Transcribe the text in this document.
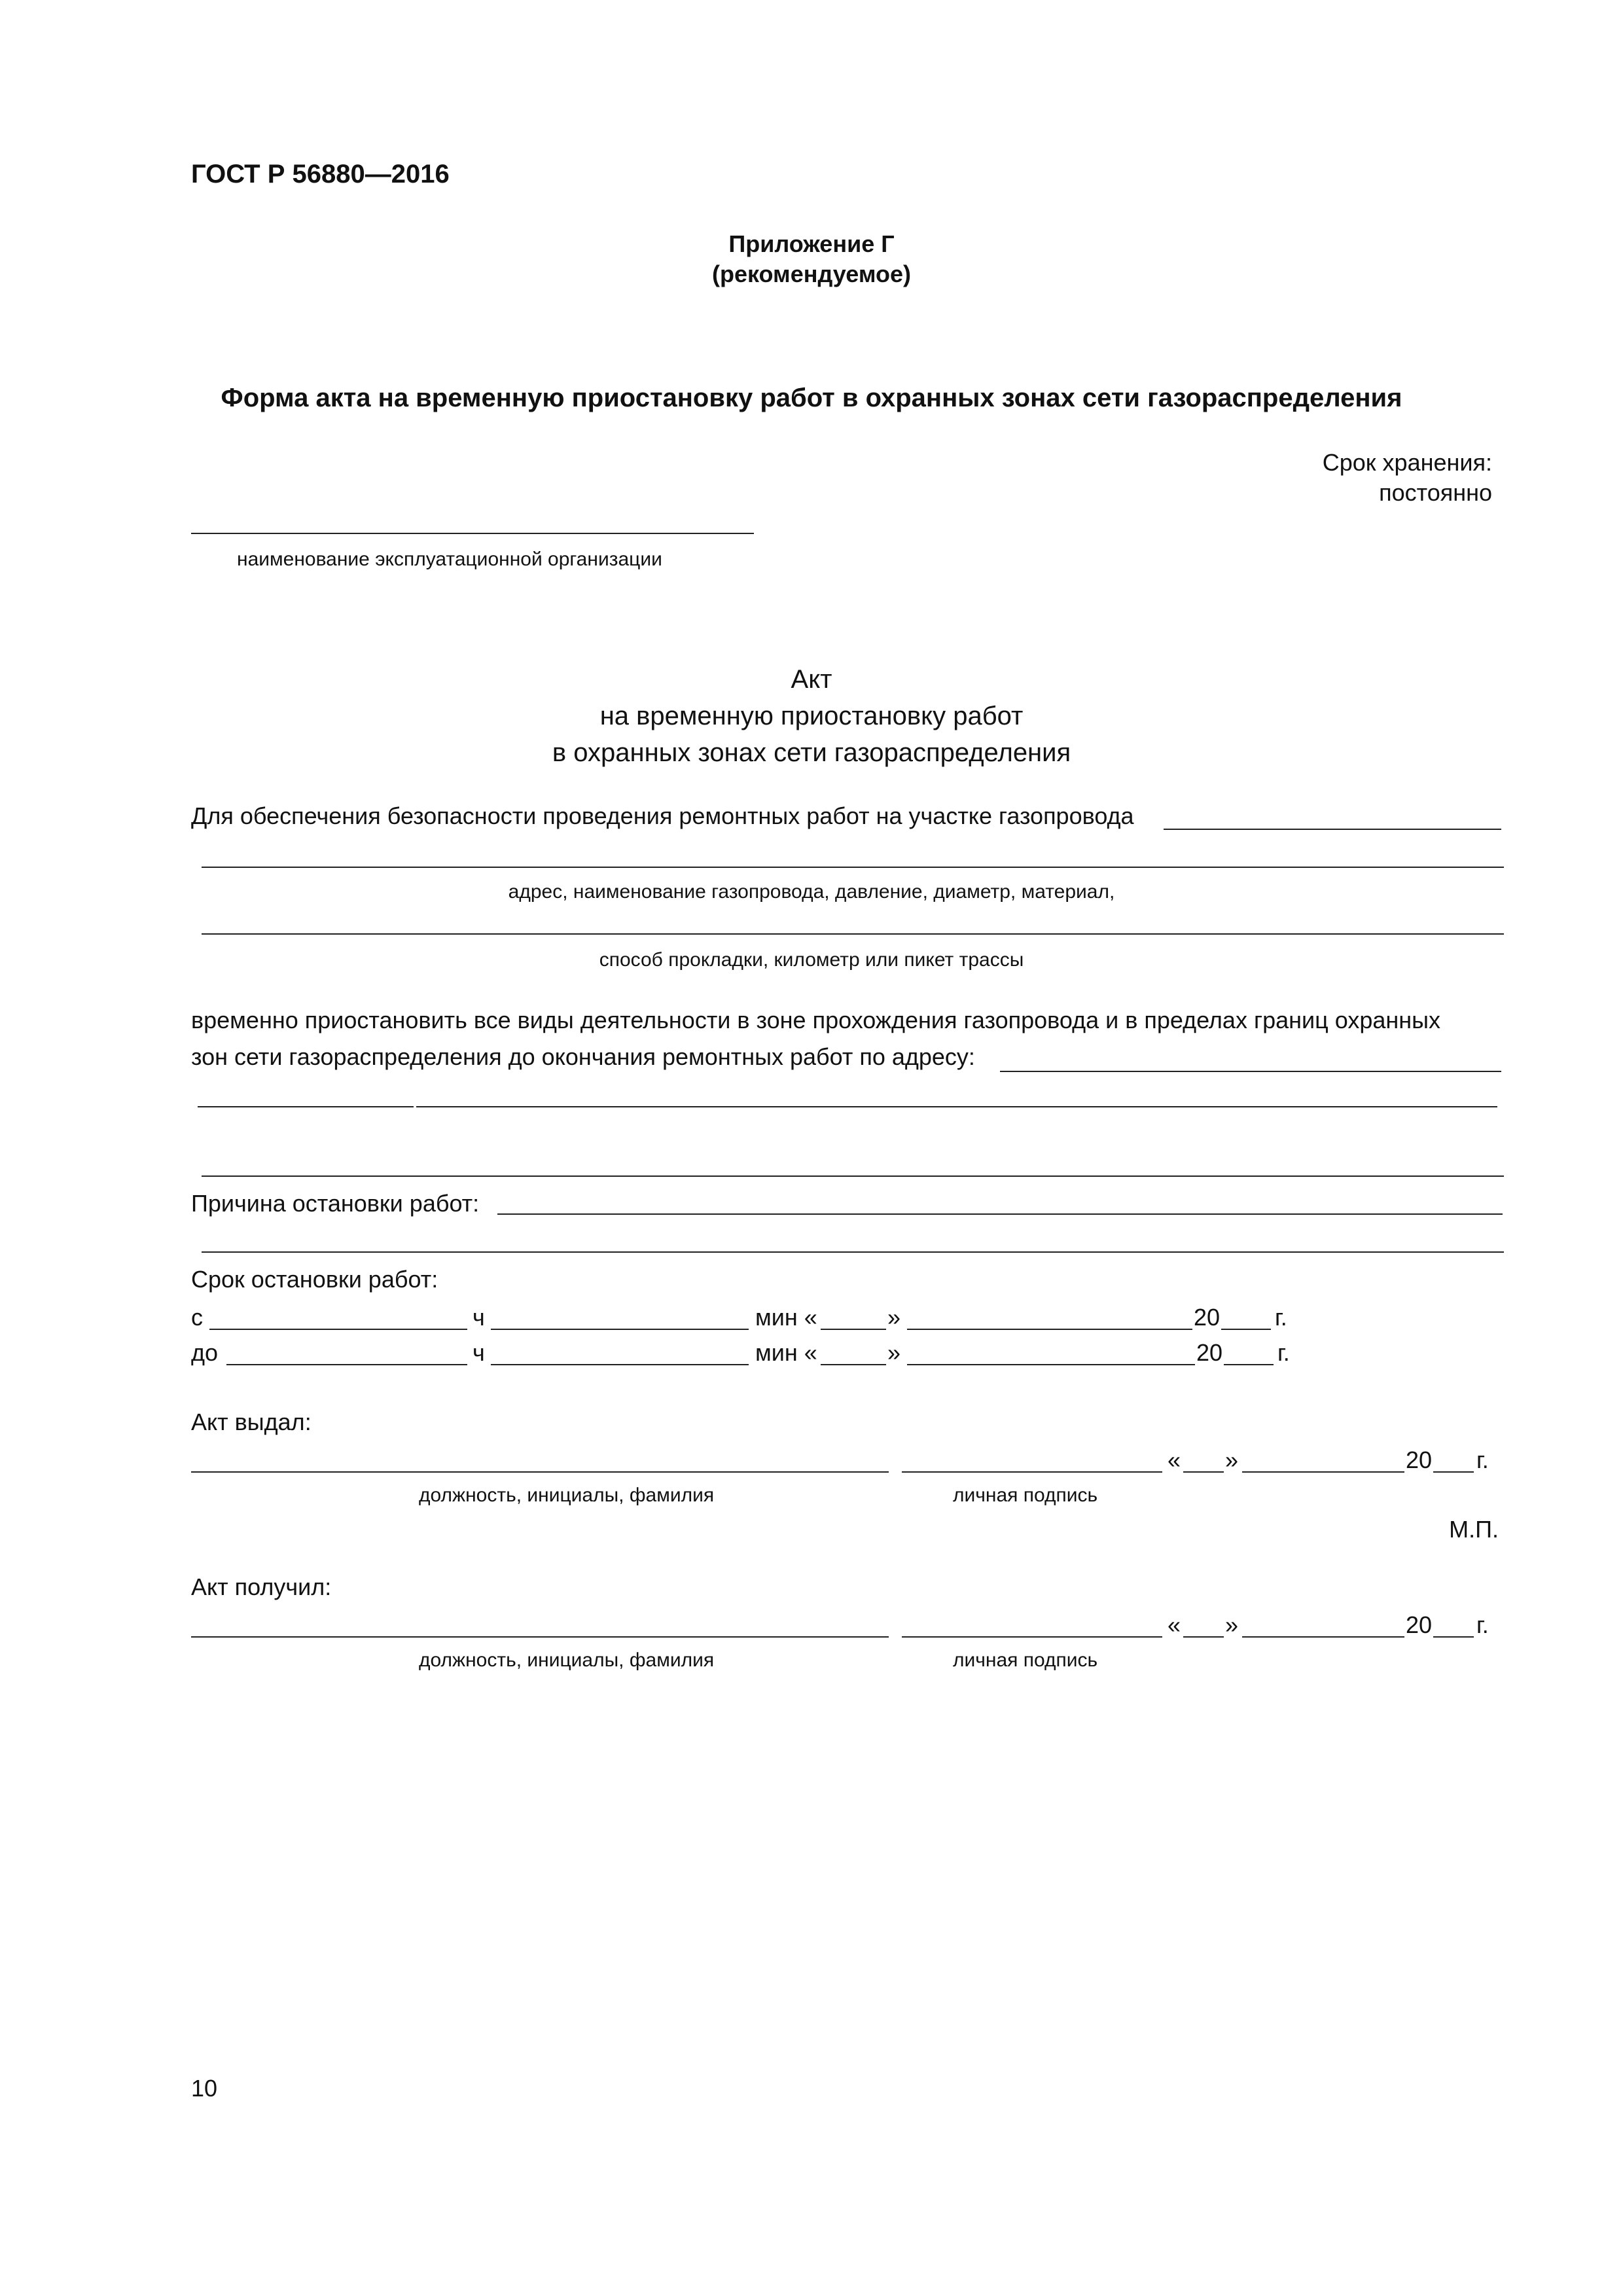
ГОСТ Р 56880—2016
Приложение Г
(рекомендуемое)
Форма акта на временную приостановку работ в охранных зонах сети газораспределения
Срок хранения:
постоянно
наименование эксплуатационной организации
Акт
на временную приостановку работ
в охранных зонах сети газораспределения
Для обеспечения безопасности проведения ремонтных работ на участке газопровода
адрес, наименование газопровода, давление, диаметр, материал,
способ прокладки, километр или пикет трассы
временно приостановить все виды деятельности в зоне прохождения газопровода и в пределах границ охранных
зон сети газораспределения до окончания ремонтных работ по адресу:
Причина остановки работ:
Срок остановки работ:
с	ч	мин «	»	20 г.
до	ч	мин «	»	20 г.
Акт выдал:
« »	20 г.
должность, инициалы, фамилия	личная подпись
М.П.
Акт получил:
« »	20 г.
должность, инициалы, фамилия	личная подпись
10
